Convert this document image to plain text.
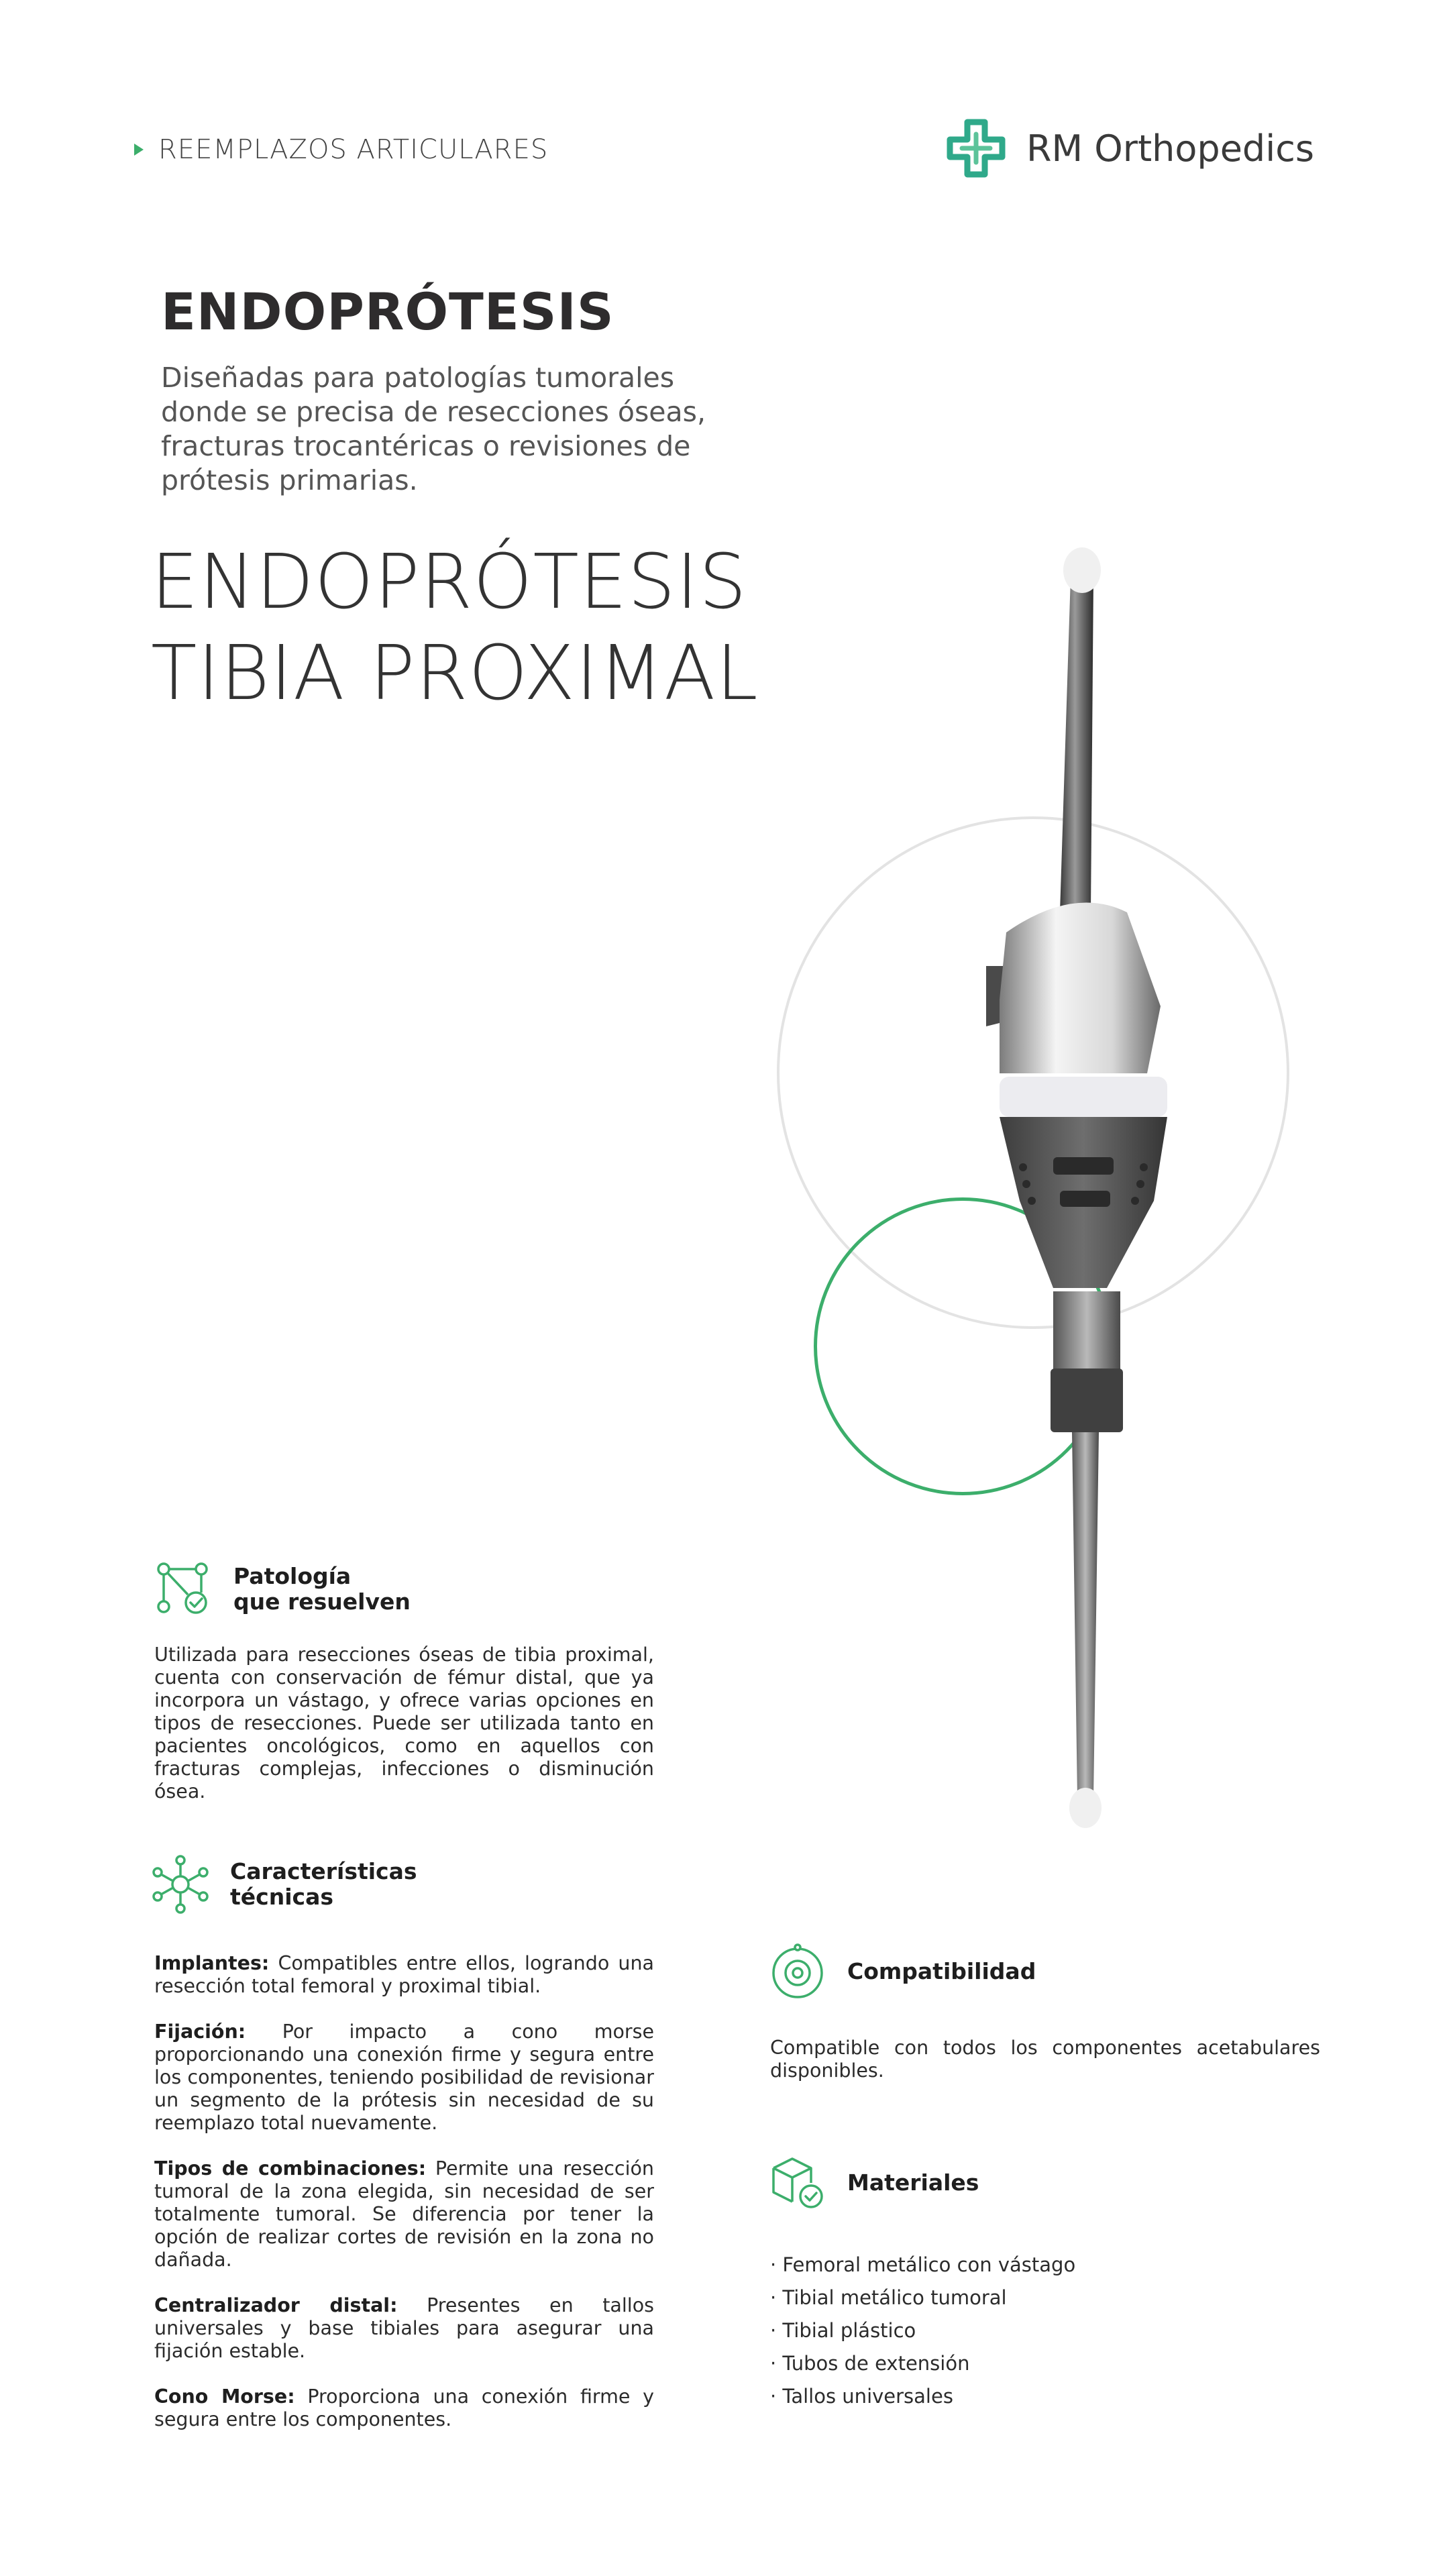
REEMPLAZOS ARTICULARES	RM Orthopedics
ENDOPRÓTESIS
Diseñadas para patologías tumorales donde se precisa de resecciones óseas, fracturas trocantéricas o revisiones de prótesis primarias.
ENDOPRÓTESIS
TIBIA PROXIMAL
Patología
que resuelven
Utilizada para resecciones óseas de tibia proximal, cuenta con conservación de fémur distal, que ya incorpora un vástago, y ofrece varias opciones en tipos de resecciones. Puede ser utilizada tanto en pacientes oncológicos, como en aquellos con fracturas complejas, infecciones o disminución ósea.
Características
técnicas

Implantes: Compatibles entre ellos, logrando una resección total femoral y proximal tibial.

Fijación: Por impacto a cono morse proporcionando una conexión firme y segura entre los componentes, teniendo posibilidad de revisionar un segmento de la prótesis sin necesidad de su reemplazo total nuevamente.

Tipos de combinaciones: Permite una resección tumoral de la zona elegida, sin necesidad de ser totalmente tumoral. Se diferencia por tener la opción de realizar cortes de revisión en la zona no dañada.

Centralizador distal: Presentes en tallos universales y base tibiales para asegurar una fijación estable.

Cono Morse: Proporciona una conexión firme y segura entre los componentes.

Compatibilidad
Compatible con todos los componentes acetabulares disponibles.
Materiales
· Femoral metálico con vástago
· Tibial metálico tumoral
· Tibial plástico
· Tubos de extensión
· Tallos universales
